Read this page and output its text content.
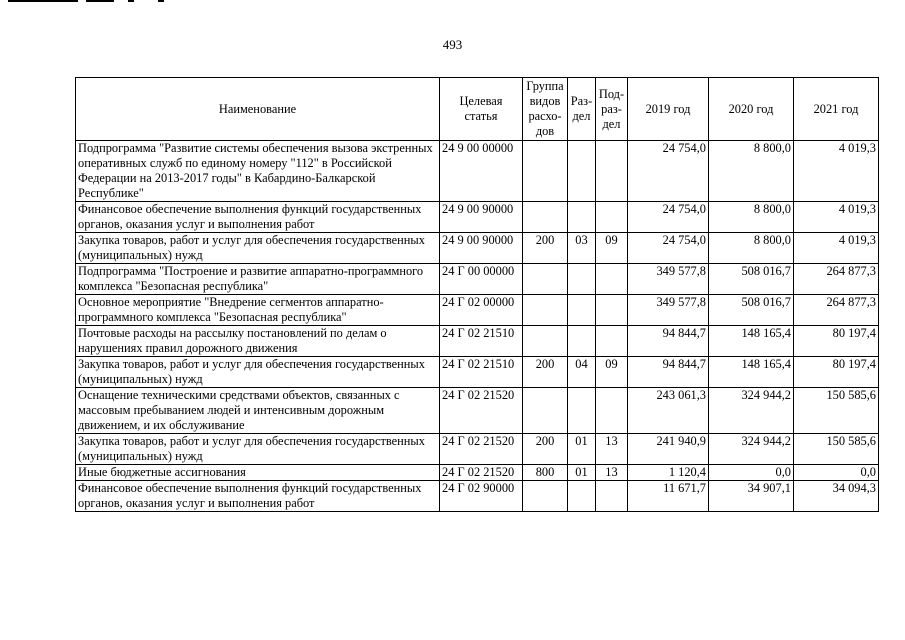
493
Наименование	Целевая статья	Группа видов расхо-дов	Раз-дел	Под-раз-дел	2019 год	2020 год	2021 год
Подпрограмма "Развитие системы обеспечения вызова экстренных оперативных служб по единому номеру "112" в Российской Федерации на 2013-2017 годы" в Кабардино-Балкарской Республике"	24 9 00 00000				24 754,0	8 800,0	4 019,3
Финансовое обеспечение выполнения функций государственных органов, оказания услуг и выполнения работ	24 9 00 90000				24 754,0	8 800,0	4 019,3
Закупка товаров, работ и услуг для обеспечения государственных (муниципальных) нужд	24 9 00 90000	200	03	09	24 754,0	8 800,0	4 019,3
Подпрограмма "Построение и развитие аппаратно-программного комплекса "Безопасная республика"	24 Г 00 00000				349 577,8	508 016,7	264 877,3
Основное мероприятие "Внедрение сегментов аппаратно-программного комплекса "Безопасная республика"	24 Г 02 00000				349 577,8	508 016,7	264 877,3
Почтовые расходы на рассылку постановлений по делам о нарушениях правил дорожного движения	24 Г 02 21510				94 844,7	148 165,4	80 197,4
Закупка товаров, работ и услуг для обеспечения государственных (муниципальных) нужд	24 Г 02 21510	200	04	09	94 844,7	148 165,4	80 197,4
Оснащение техническими средствами объектов, связанных с массовым пребыванием людей и интенсивным дорожным движением, и их обслуживание	24 Г 02 21520				243 061,3	324 944,2	150 585,6
Закупка товаров, работ и услуг для обеспечения государственных (муниципальных) нужд	24 Г 02 21520	200	01	13	241 940,9	324 944,2	150 585,6
Иные бюджетные ассигнования	24 Г 02 21520	800	01	13	1 120,4	0,0	0,0
Финансовое обеспечение выполнения функций государственных органов, оказания услуг и выполнения работ	24 Г 02 90000				11 671,7	34 907,1	34 094,3
